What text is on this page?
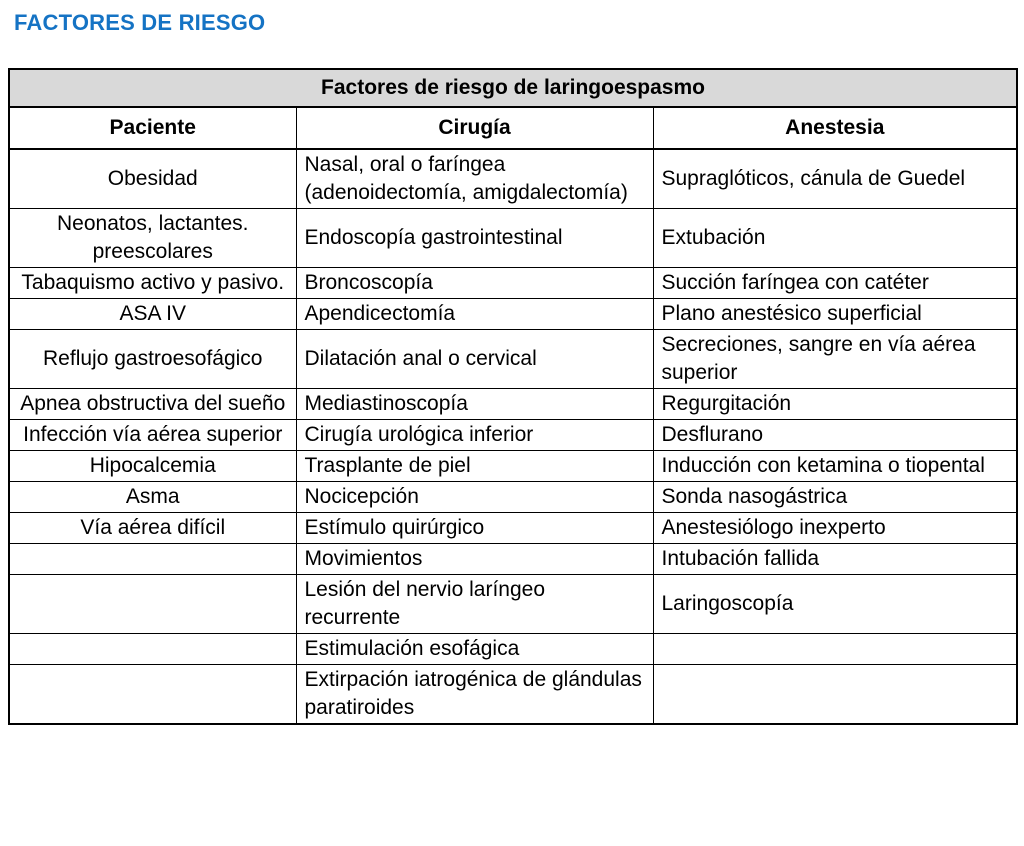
FACTORES DE RIESGO
Factores de riesgo de laringoespasmo		
Paciente	Cirugía	Anestesia
Obesidad	Nasal, oral o faríngea (adenoidectomía, amigdalectomía)	Supraglóticos, cánula de Guedel
Neonatos, lactantes. preescolares	Endoscopía gastrointestinal	Extubación
Tabaquismo activo y pasivo.	Broncoscopía	Succión faríngea con catéter
ASA IV	Apendicectomía	Plano anestésico superficial
Reflujo gastroesofágico	Dilatación anal o cervical	Secreciones, sangre en vía aérea superior
Apnea obstructiva del sueño	Mediastinoscopía	Regurgitación
Infección vía aérea superior	Cirugía urológica inferior	Desflurano
Hipocalcemia	Trasplante de piel	Inducción con ketamina o tiopental
Asma	Nocicepción	Sonda nasogástrica
Vía aérea difícil	Estímulo quirúrgico	Anestesiólogo inexperto
	Movimientos	Intubación fallida
	Lesión del nervio laríngeo recurrente	Laringoscopía
	Estimulación esofágica	
	Extirpación iatrogénica de glándulas paratiroides	
